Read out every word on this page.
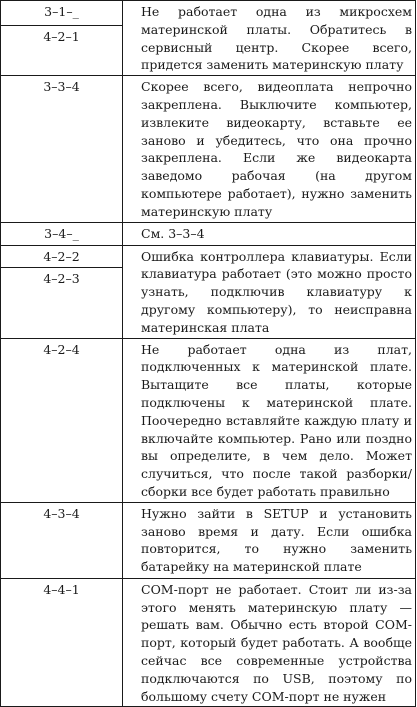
3–1–_	Не работает одна из микросхем материнской платы. Обратитесь в сервисный центр. Скорее всего, придется заменить материнскую плату

4–2–1	

3–3–4	Скорее всего, видеоплата непрочно закреплена. Выключите компьютер, извлеките видеокарту, вставьте ее заново и убедитесь, что она прочно закреплена. Если же видеокарта заведомо рабочая (на другом компьютере работает), нужно заменить материнскую плату

3–4–_	См. 3–3–4

4–2–2	Ошибка контроллера клавиатуры. Если клавиатура работает (это можно просто узнать, подключив клавиатуру к другому компьютеру), то неисправна материнская плата

4–2–3	

4–2–4	Не работает одна из плат, подключенных к материнской плате. Вытащите все платы, которые подключены к материнской плате. Поочередно вставляйте каждую плату и включайте компьютер. Рано или поздно вы определите, в чем дело. Может случиться, что после такой разборки/сборки все будет работать правильно

4–3–4	Нужно зайти в SETUP и установить заново время и дату. Если ошибка повторится, то нужно заменить батарейку на материнской плате

4–4–1	COM-порт не работает. Стоит ли из-за этого менять материнскую плату — решать вам. Обычно есть второй COM-порт, который будет работать. А вообще сейчас все современные устройства подключаются по USB, поэтому по большому счету COM-порт не нужен
